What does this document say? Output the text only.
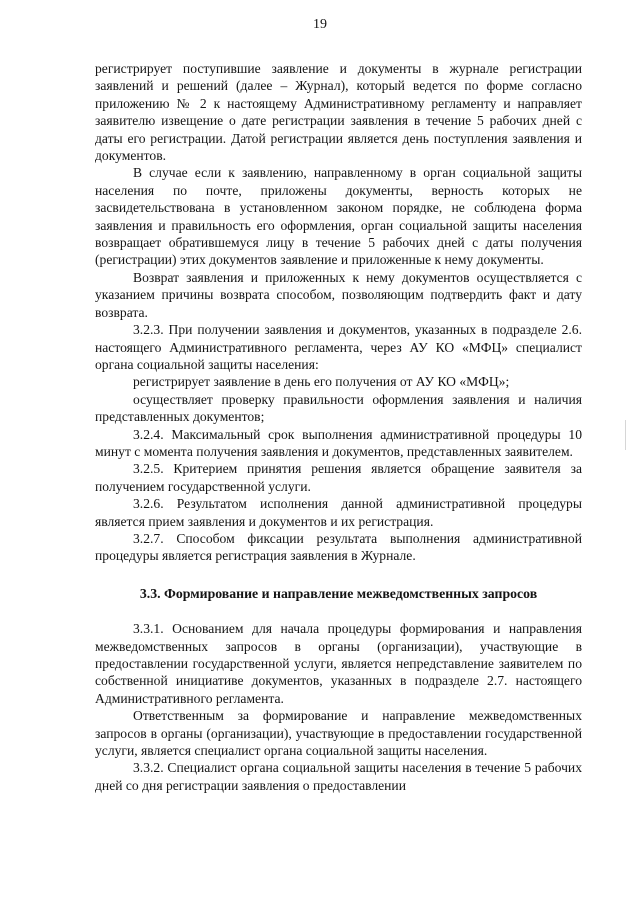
19

регистрирует поступившие заявление и документы в журнале регистрации заявлений и решений (далее – Журнал), который ведется по форме согласно приложению № 2 к настоящему Административному регламенту и направляет заявителю извещение о дате регистрации заявления в течение 5 рабочих дней с даты его регистрации. Датой регистрации является день поступления заявления и документов.

В случае если к заявлению, направленному в орган социальной защиты населения по почте, приложены документы, верность которых не засвидетельствована в установленном законом порядке, не соблюдена форма заявления и правильность его оформления, орган социальной защиты населения возвращает обратившемуся лицу в течение 5 рабочих дней с даты получения (регистрации) этих документов заявление и приложенные к нему документы.

Возврат заявления и приложенных к нему документов осуществляется с указанием причины возврата способом, позволяющим подтвердить факт и дату возврата.

3.2.3. При получении заявления и документов, указанных в подразделе 2.6. настоящего Административного регламента, через АУ КО «МФЦ» специалист органа социальной защиты населения:

регистрирует заявление в день его получения от АУ КО «МФЦ»;

осуществляет проверку правильности оформления заявления и наличия представленных документов;

3.2.4. Максимальный срок выполнения административной процедуры 10 минут с момента получения заявления и документов, представленных заявителем.

3.2.5. Критерием принятия решения является обращение заявителя за получением государственной услуги.

3.2.6. Результатом исполнения данной административной процедуры является прием заявления и документов и их регистрация.

3.2.7. Способом фиксации результата выполнения административной процедуры является регистрация заявления в Журнале.

3.3. Формирование и направление межведомственных запросов

3.3.1. Основанием для начала процедуры формирования и направления межведомственных запросов в органы (организации), участвующие в предоставлении государственной услуги, является непредставление заявителем по собственной инициативе документов, указанных в подразделе 2.7. настоящего Административного регламента.

Ответственным за формирование и направление межведомственных запросов в органы (организации), участвующие в предоставлении государственной услуги, является специалист органа социальной защиты населения.

3.3.2. Специалист органа социальной защиты населения в течение 5 рабочих дней со дня регистрации заявления о предоставлении
